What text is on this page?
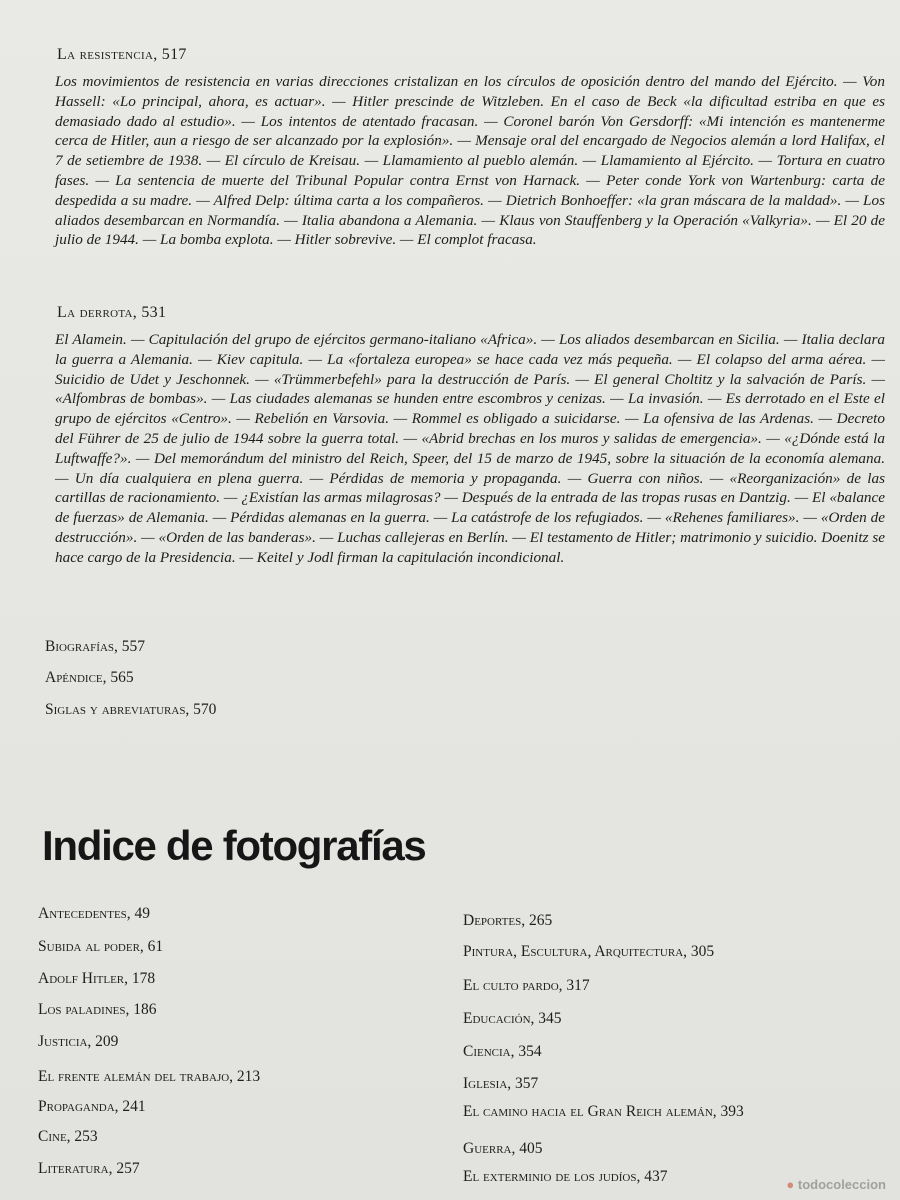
La resistencia, 517

Los movimientos de resistencia en varias direcciones cristalizan en los círculos de oposición dentro del mando del Ejército. — Von Hassell: «Lo principal, ahora, es actuar». — Hitler prescinde de Witzleben. En el caso de Beck «la dificultad estriba en que es demasiado dado al estudio». — Los intentos de atentado fracasan. — Coronel barón Von Gersdorff: «Mi intención es mantenerme cerca de Hitler, aun a riesgo de ser alcanzado por la explosión». — Mensaje oral del encargado de Negocios alemán a lord Halifax, el 7 de setiembre de 1938. — El círculo de Kreisau. — Llamamiento al pueblo alemán. — Llamamiento al Ejército. — Tortura en cuatro fases. — La sentencia de muerte del Tribunal Popular contra Ernst von Harnack. — Peter conde York von Wartenburg: carta de despedida a su madre. — Alfred Delp: última carta a los compañeros. — Dietrich Bonhoeffer: «la gran máscara de la maldad». — Los aliados desembarcan en Normandía. — Italia abandona a Alemania. — Klaus von Stauffenberg y la Operación «Valkyria». — El 20 de julio de 1944. — La bomba explota. — Hitler sobrevive. — El complot fracasa.

La derrota, 531

El Alamein. — Capitulación del grupo de ejércitos germano-italiano «Africa». — Los aliados desembarcan en Sicilia. — Italia declara la guerra a Alemania. — Kiev capitula. — La «fortaleza europea» se hace cada vez más pequeña. — El colapso del arma aérea. — Suicidio de Udet y Jeschonnek. — «Trümmerbefehl» para la destrucción de París. — El general Choltitz y la salvación de París. — «Alfombras de bombas». — Las ciudades alemanas se hunden entre escombros y cenizas. — La invasión. — Es derrotado en el Este el grupo de ejércitos «Centro». — Rebelión en Varsovia. — Rommel es obligado a suicidarse. — La ofensiva de las Ardenas. — Decreto del Führer de 25 de julio de 1944 sobre la guerra total. — «Abrid brechas en los muros y salidas de emergencia». — «¿Dónde está la Luftwaffe?». — Del memorándum del ministro del Reich, Speer, del 15 de marzo de 1945, sobre la situación de la economía alemana. — Un día cualquiera en plena guerra. — Pérdidas de memoria y propaganda. — Guerra con niños. — «Reorganización» de las cartillas de racionamiento. — ¿Existían las armas milagrosas? — Después de la entrada de las tropas rusas en Dantzig. — El «balance de fuerzas» de Alemania. — Pérdidas alemanas en la guerra. — La catástrofe de los refugiados. — «Rehenes familiares». — «Orden de destrucción». — «Orden de las banderas». — Luchas callejeras en Berlín. — El testamento de Hitler; matrimonio y suicidio. Doenitz se hace cargo de la Presidencia. — Keitel y Jodl firman la capitulación incondicional.

Biografías, 557
Apéndice, 565
Siglas y abreviaturas, 570
Indice de fotografías
Antecedentes, 49
Subida al poder, 61
Adolf Hitler, 178
Los paladines, 186
Justicia, 209
El frente alemán del trabajo, 213
Propaganda, 241
Cine, 253
Literatura, 257
Deportes, 265
Pintura, Escultura, Arquitectura, 305
El culto pardo, 317
Educación, 345
Ciencia, 354
Iglesia, 357
El camino hacia el Gran Reich alemán, 393
Guerra, 405
El exterminio de los judíos, 437	● todocoleccion
